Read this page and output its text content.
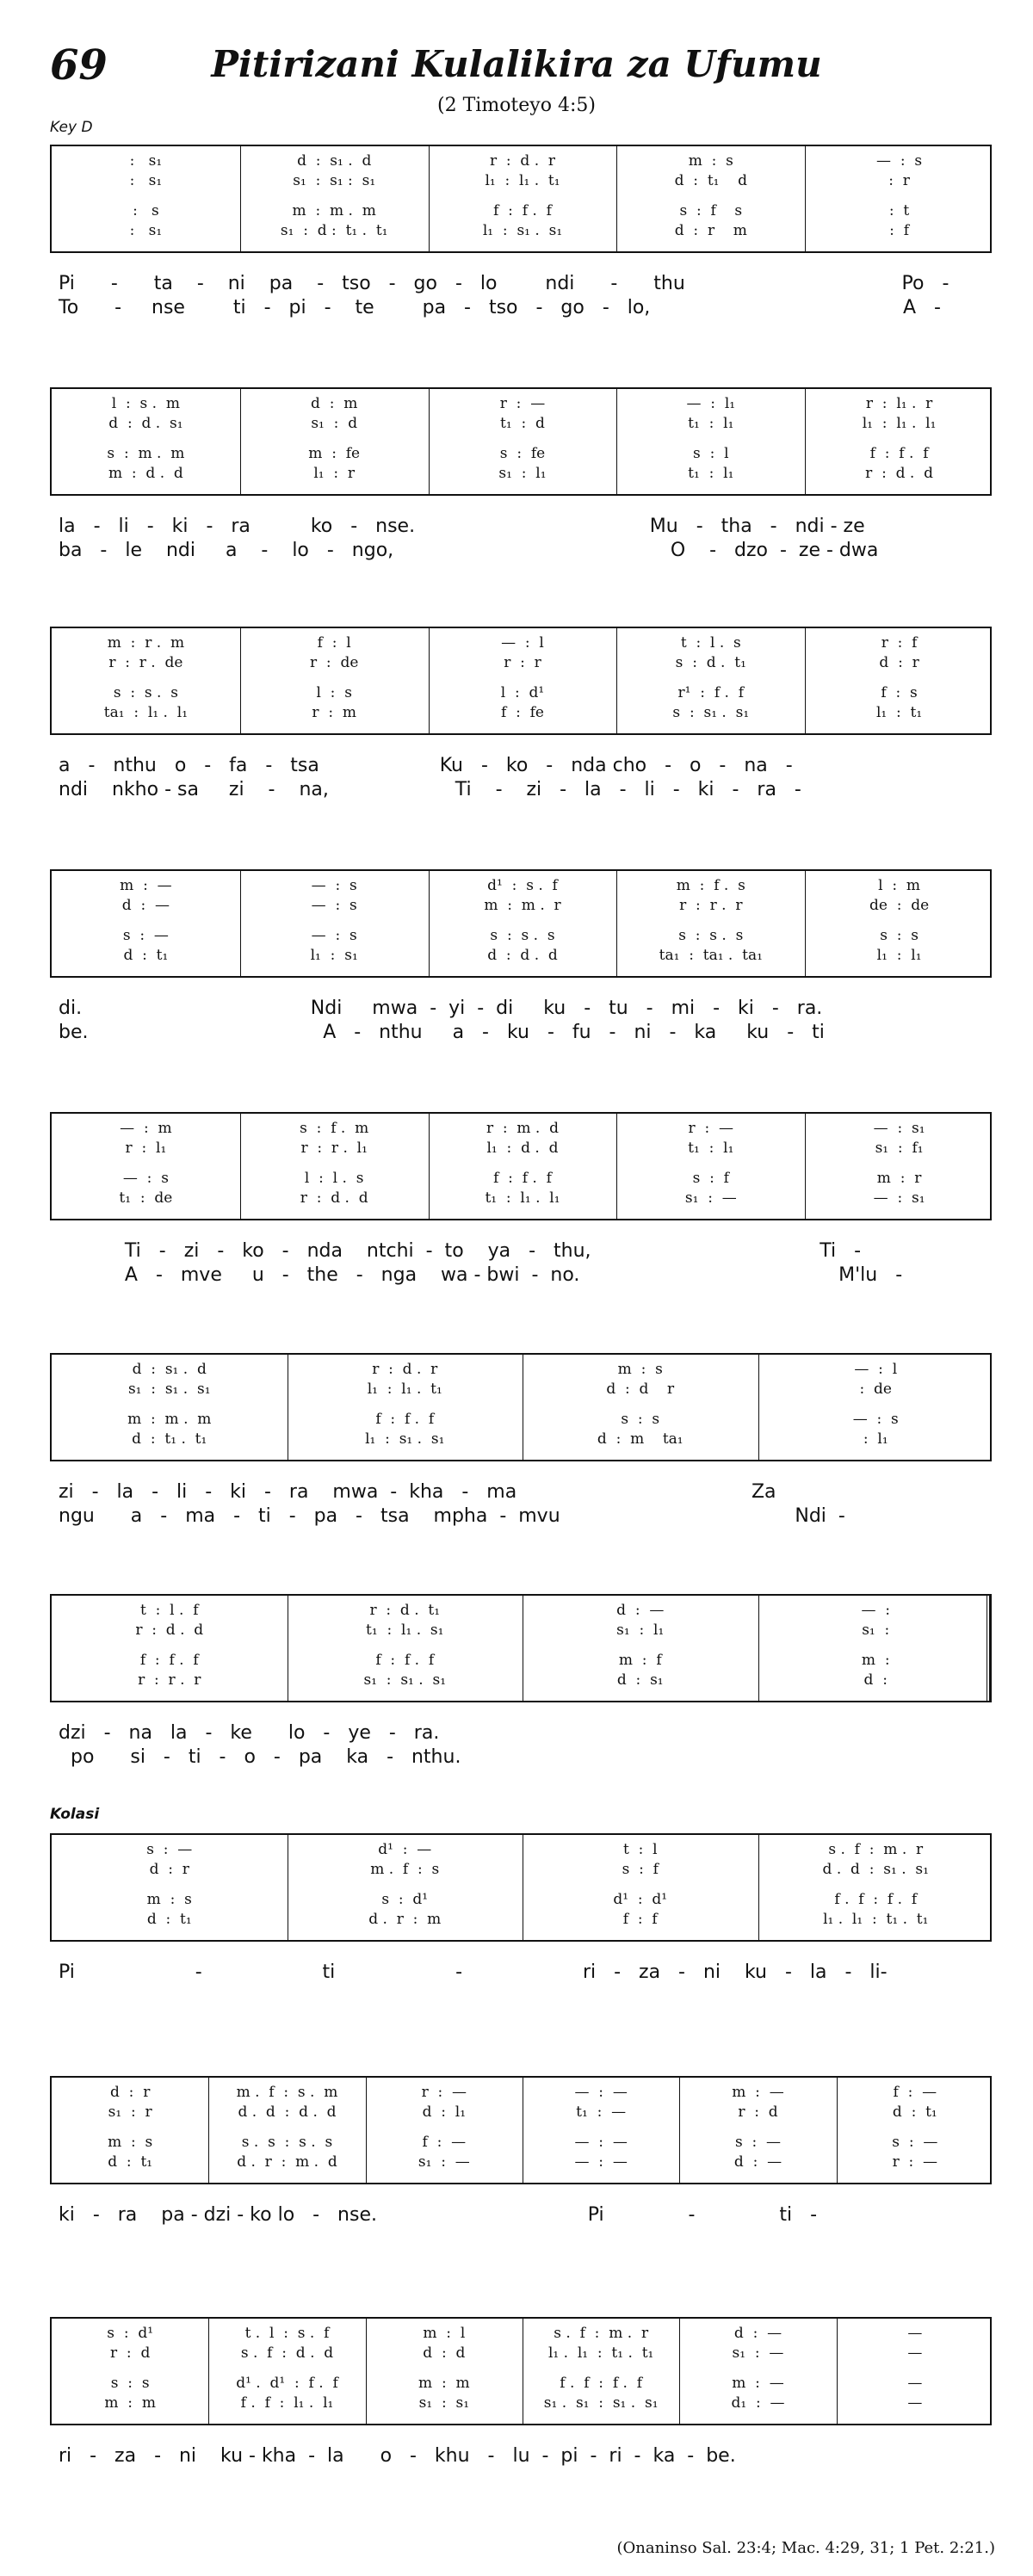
69	Pitirizani Kulalikira za Ufumu
(2 Timoteyo 4:5)
Key D
Kolasi
(Onaninso Sal. 23:4; Mac. 4:29, 31; 1 Pet. 2:21.)
:   s₁
:   s₁
:   s
:   s₁
d  :  s₁ .  d
s₁  :  s₁ :  s₁
m  :  m .  m
s₁  :  d :  t₁ .  t₁
r  :  d .  r
l₁  :  l₁ .  t₁
f  :  f .  f
l₁  :  s₁ .  s₁
m  :  s
d  :  t₁    d
s  :  f    s
d  :  r    m
—  :  s
:  r
:  t
:  f
Pi      -      ta    -    ni    pa    -   tso   -   go   -   lo        ndi      -      thu                                    Po   -
To      -     nse        ti   -   pi   -    te        pa   -   tso   -   go   -   lo,                                          A   -
l  :  s .  m
d  :  d .  s₁
s  :  m .  m
m  :  d .  d
d  :  m
s₁  :  d
m  :  fe
l₁  :  r
r  :  —
t₁  :  d
s  :  fe
s₁  :  l₁
—  :  l₁
t₁  :  l₁
s  :  l
t₁  :  l₁
r  :  l₁ .  r
l₁  :  l₁ .  l₁
f  :  f .  f
r  :  d .  d
la   -   li   -   ki   -   ra          ko   -   nse.                                       Mu   -   tha   -   ndi - ze
ba   -   le    ndi     a    -    lo   -   ngo,                                              O    -   dzo  -  ze - dwa
m  :  r .  m
r  :  r .  de
s  :  s .  s
ta₁  :  l₁ .  l₁
f  :  l
r  :  de
l  :  s
r  :  m
—  :  l
r  :  r
l  :  d¹
f  :  fe
t  :  l .  s
s  :  d .  t₁
r¹  :  f .  f
s  :  s₁ .  s₁
r  :  f
d  :  r
f  :  s
l₁  :  t₁
a   -   nthu   o   -   fa   -   tsa                    Ku   -   ko   -   nda cho   -   o   -   na   -
ndi    nkho - sa     zi    -    na,                     Ti    -    zi   -   la   -   li   -   ki   -   ra   -
m  :  —
d  :  —
s  :  —
d  :  t₁
—  :  s
—  :  s
—  :  s
l₁  :  s₁
d¹  :  s .  f
m  :  m .  r
s  :  s .  s
d  :  d .  d
m  :  f .  s
r  :  r .  r
s  :  s .  s
ta₁  :  ta₁ .  ta₁
l  :  m
de  :  de
s  :  s
l₁  :  l₁
di.                                      Ndi     mwa  -  yi  -  di     ku   -   tu   -   mi   -   ki   -   ra.
be.                                       A   -   nthu     a   -   ku   -   fu   -   ni   -   ka     ku   -   ti
—  :  m
r  :  l₁
—  :  s
t₁  :  de
s  :  f .  m
r  :  r .  l₁
l  :  l .  s
r  :  d .  d
r  :  m .  d
l₁  :  d .  d
f  :  f .  f
t₁  :  l₁ .  l₁
r  :  —
t₁  :  l₁
s  :  f
s₁  :  —
—  :  s₁
s₁  :  f₁
m  :  r
—  :  s₁
Ti   -   zi   -   ko   -   nda    ntchi  -  to    ya   -   thu,                                      Ti   -
A   -   mve     u   -   the   -   nga    wa - bwi  -  no.                                           M'lu   -
d  :  s₁ .  d
s₁  :  s₁ .  s₁
m  :  m .  m
d  :  t₁ .  t₁
r  :  d .  r
l₁  :  l₁ .  t₁
f  :  f .  f
l₁  :  s₁ .  s₁
m  :  s
d  :  d    r
s  :  s
d  :  m    ta₁
—  :  l
:  de
—  :  s
:  l₁
zi   -   la   -   li   -   ki   -   ra    mwa  -  kha   -   ma                                       Za
ngu      a   -   ma   -   ti   -   pa   -   tsa    mpha  -  mvu                                       Ndi  -
t  :  l .  f
r  :  d .  d
f  :  f .  f
r  :  r .  r
r  :  d .  t₁
t₁  :  l₁ .  s₁
f  :  f .  f
s₁  :  s₁ .  s₁
d  :  —
s₁  :  l₁
m  :  f
d  :  s₁
—  :
s₁  :
m  :
d  :
dzi   -   na   la   -   ke      lo   -   ye   -   ra.
po      si   -   ti   -   o   -   pa    ka   -   nthu.
s  :  —
d  :  r
m  :  s
d  :  t₁
d¹  :  —
m .  f  :  s
s  :  d¹
d .  r  :  m
t  :  l
s  :  f
d¹  :  d¹
f  :  f
s .  f  :  m .  r
d .  d  :  s₁ .  s₁
f .  f  :  f .  f
l₁ .  l₁  :  t₁ .  t₁
Pi                    -                    ti                    -                    ri   -   za   -   ni    ku   -   la   -   li-
d  :  r
s₁  :  r
m  :  s
d  :  t₁
m .  f  :  s .  m
d .  d  :  d .  d
s .  s  :  s .  s
d .  r  :  m .  d
r  :  —
d  :  l₁
f  :  —
s₁  :  —
—  :  —
t₁  :  —
—  :  —
—  :  —
m  :  —
r  :  d
s  :  —
d  :  —
f  :  —
d  :  t₁
s  :  —
r  :  —
ki   -   ra    pa - dzi - ko lo   -   nse.                                   Pi              -              ti   -
s  :  d¹
r  :  d
s  :  s
m  :  m
t .  l  :  s .  f
s .  f  :  d .  d
d¹ .  d¹  :  f .  f
f .  f  :  l₁ .  l₁
m  :  l
d  :  d
m  :  m
s₁  :  s₁
s .  f  :  m .  r
l₁ .  l₁  :  t₁ .  t₁
f .  f  :  f .  f
s₁ .  s₁  :  s₁ .  s₁
d  :  —
s₁  :  —
m  :  —
d₁  :  —
—
—
—
—
ri   -   za   -   ni    ku - kha  -  la      o   -   khu   -   lu  -  pi  -  ri  -  ka  -  be.
